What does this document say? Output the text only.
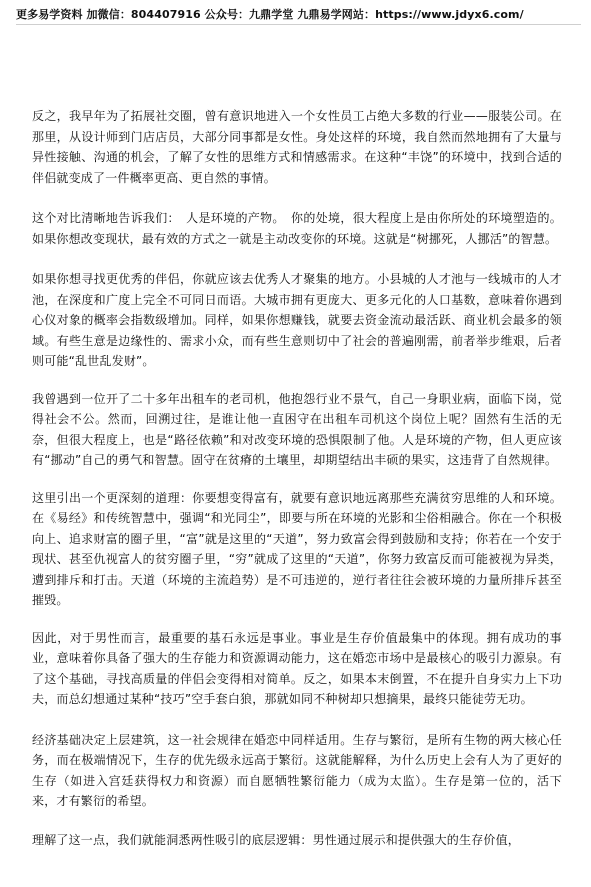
更多易学资料 加微信：804407916 公众号：九鼎学堂 九鼎易学网站：https://www.jdyx6.com/

反之，我早年为了拓展社交圈，曾有意识地进入一个女性员工占绝大多数的行业——服装公司。在那里，从设计师到门店店员，大部分同事都是女性。身处这样的环境，我自然而然地拥有了大量与异性接触、沟通的机会，了解了女性的思维方式和情感需求。在这种“丰饶”的环境中，找到合适的伴侣就变成了一件概率更高、更自然的事情。

这个对比清晰地告诉我们：　人是环境的产物。　你的处境，很大程度上是由你所处的环境塑造的。如果你想改变现状，最有效的方式之一就是主动改变你的环境。这就是“树挪死，人挪活”的智慧。

如果你想寻找更优秀的伴侣，你就应该去优秀人才聚集的地方。小县城的人才池与一线城市的人才池，在深度和广度上完全不可同日而语。大城市拥有更庞大、更多元化的人口基数，意味着你遇到心仪对象的概率会指数级增加。同样，如果你想赚钱，就要去资金流动最活跃、商业机会最多的领域。有些生意是边缘性的、需求小众，而有些生意则切中了社会的普遍刚需，前者举步维艰，后者则可能“乱世乱发财”。

我曾遇到一位开了二十多年出租车的老司机，他抱怨行业不景气，自己一身职业病，面临下岗，觉得社会不公。然而，回溯过往，是谁让他一直困守在出租车司机这个岗位上呢？固然有生活的无奈，但很大程度上，也是“路径依赖”和对改变环境的恐惧限制了他。人是环境的产物，但人更应该有“挪动”自己的勇气和智慧。固守在贫瘠的土壤里，却期望结出丰硕的果实，这违背了自然规律。

这里引出一个更深刻的道理：你要想变得富有，就要有意识地远离那些充满贫穷思维的人和环境。在《易经》和传统智慧中，强调“和光同尘”，即要与所在环境的光影和尘俗相融合。你在一个积极向上、追求财富的圈子里，“富”就是这里的“天道”，努力致富会得到鼓励和支持；你若在一个安于现状、甚至仇视富人的贫穷圈子里，“穷”就成了这里的“天道”，你努力致富反而可能被视为异类，遭到排斥和打击。天道（环境的主流趋势）是不可违逆的，逆行者往往会被环境的力量所排斥甚至摧毁。

因此，对于男性而言，最重要的基石永远是事业。事业是生存价值最集中的体现。拥有成功的事业，意味着你具备了强大的生存能力和资源调动能力，这在婚恋市场中是最核心的吸引力源泉。有了这个基础，寻找高质量的伴侣会变得相对简单。反之，如果本末倒置，不在提升自身实力上下功夫，而总幻想通过某种“技巧”空手套白狼，那就如同不种树却只想摘果，最终只能徒劳无功。

经济基础决定上层建筑，这一社会规律在婚恋中同样适用。生存与繁衍，是所有生物的两大核心任务，而在极端情况下，生存的优先级永远高于繁衍。这就能解释，为什么历史上会有人为了更好的生存（如进入宫廷获得权力和资源）而自愿牺牲繁衍能力（成为太监）。生存是第一位的，活下来，才有繁衍的希望。

理解了这一点，我们就能洞悉两性吸引的底层逻辑：男性通过展示和提供强大的生存价值，
